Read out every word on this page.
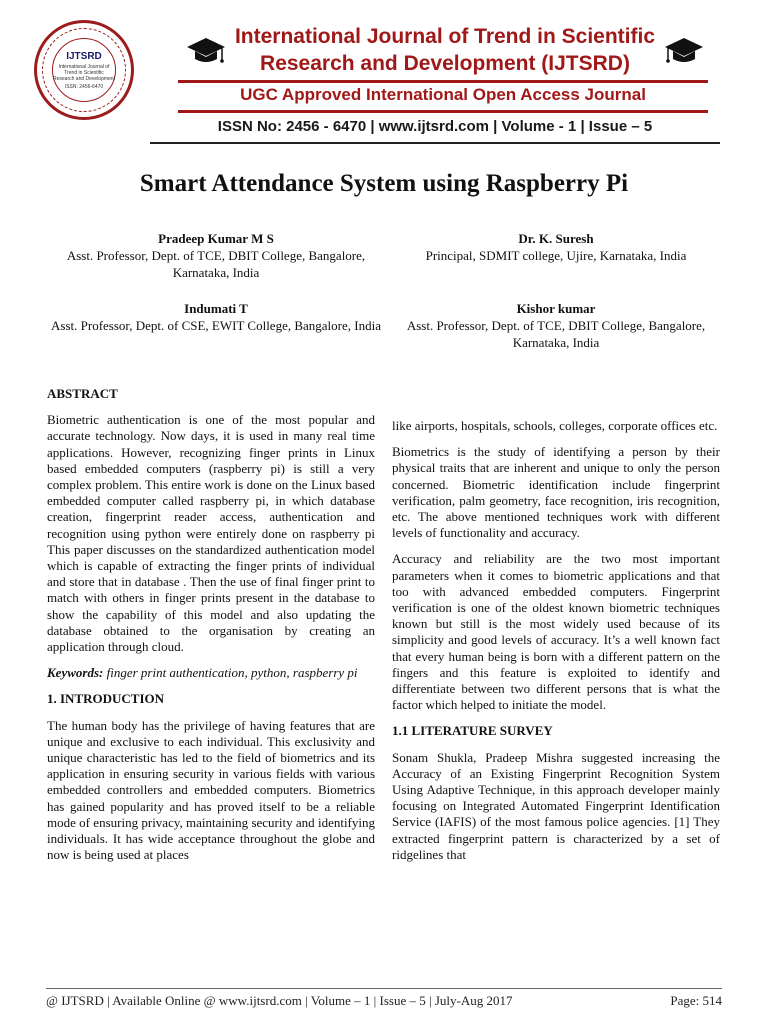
IJTSRD
International Journal of Trend in Scientific Research and Development
ISSN: 2456-6470
International Journal of Trend in Scientific
Research and Development (IJTSRD)
UGC Approved International Open Access Journal
ISSN No: 2456 - 6470 | www.ijtsrd.com | Volume - 1 | Issue – 5
Smart Attendance System using Raspberry Pi
Pradeep Kumar M S
Asst. Professor, Dept. of TCE, DBIT College, Bangalore, Karnataka, India
Dr. K. Suresh
Principal, SDMIT college, Ujire, Karnataka, India
Indumati T
Asst. Professor, Dept. of CSE, EWIT College, Bangalore, India
Kishor kumar
Asst. Professor, Dept. of TCE, DBIT College, Bangalore, Karnataka, India
ABSTRACT

Biometric authentication is one of the most popular and accurate technology. Now days, it is used in many real time applications. However, recognizing finger prints in Linux based embedded computers (raspberry pi) is still a very complex problem. This entire work is done on the Linux based embedded computer called raspberry pi, in which database creation, fingerprint reader access, authentication and recognition using python were entirely done on raspberry pi This paper discusses on the standardized authentication model which is capable of extracting the finger prints of individual and store that in database . Then the use of final finger print to match with others in finger prints present in the database to show the capability of this model and also updating the database obtained to the organisation by creating an application through cloud.

Keywords: finger print authentication, python, raspberry pi

1. INTRODUCTION

The human body has the privilege of having features that are unique and exclusive to each individual. This exclusivity and unique characteristic has led to the field of biometrics and its application in ensuring security in various fields with various embedded controllers and embedded computers. Biometrics has gained popularity and has proved itself to be a reliable mode of ensuring privacy, maintaining security and identifying individuals. It has wide acceptance throughout the globe and now is being used at places

like airports, hospitals, schools, colleges, corporate offices etc.

Biometrics is the study of identifying a person by their physical traits that are inherent and unique to only the person concerned. Biometric identification include fingerprint verification, palm geometry, face recognition, iris recognition, etc. The above mentioned techniques work with different levels of functionality and accuracy.

Accuracy and reliability are the two most important parameters when it comes to biometric applications and that too with advanced embedded computers. Fingerprint verification is one of the oldest known biometric techniques known but still is the most widely used because of its simplicity and good levels of accuracy. It’s a well known fact that every human being is born with a different pattern on the fingers and this feature is exploited to identify and differentiate between two different persons that is what the factor which helped to initiate the model.

1.1 LITERATURE SURVEY

Sonam Shukla, Pradeep Mishra suggested increasing the Accuracy of an Existing Fingerprint Recognition System Using Adaptive Technique, in this approach developer mainly focusing on Integrated Automated Fingerprint Identification Service (IAFIS) of the most famous police agencies. [1] They extracted fingerprint pattern is characterized by a set of ridgelines that

@ IJTSRD | Available Online @ www.ijtsrd.com | Volume – 1 | Issue – 5 | July-Aug 2017	Page: 514
